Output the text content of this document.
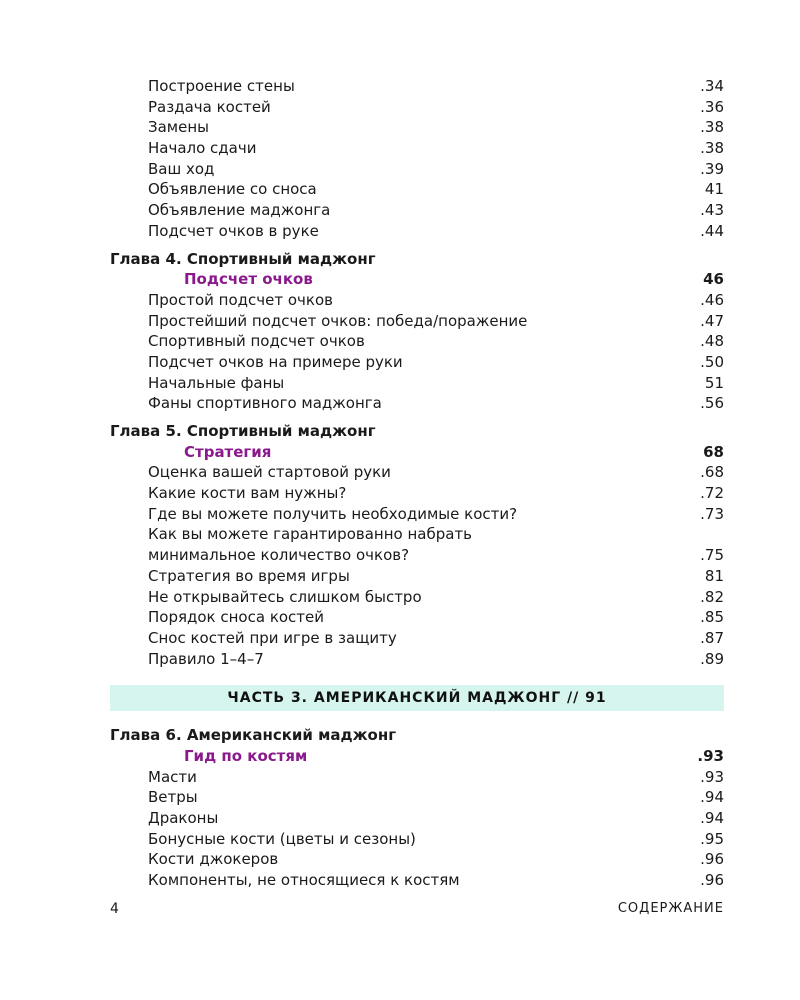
Построение стены	.34
Раздача костей	.36
Замены	.38
Начало сдачи	.38
Ваш ход	.39
Объявление со сноса	41
Объявление маджонга	.43
Подсчет очков в руке	.44
Глава 4. Спортивный маджонг
Подсчет очков	46
Простой подсчет очков	.46
Простейший подсчет очков: победа/поражение	.47
Спортивный подсчет очков	.48
Подсчет очков на примере руки	.50
Начальные фаны	51
Фаны спортивного маджонга	.56
Глава 5. Спортивный маджонг
Стратегия	68
Оценка вашей стартовой руки	.68
Какие кости вам нужны?	.72
Где вы можете получить необходимые кости?	.73
Как вы можете гарантированно набрать
минимальное количество очков?	.75
Стратегия во время игры	81
Не открывайтесь слишком быстро	.82
Порядок сноса костей	.85
Снос костей при игре в защиту	.87
Правило 1–4–7	.89
ЧАСТЬ 3. АМЕРИКАНСКИЙ МАДЖОНГ // 91
Глава 6. Американский маджонг
Гид по костям	.93
Масти	.93
Ветры	.94
Драконы	.94
Бонусные кости (цветы и сезоны)	.95
Кости джокеров	.96
Компоненты, не относящиеся к костям	.96
4	СОДЕРЖАНИЕ
